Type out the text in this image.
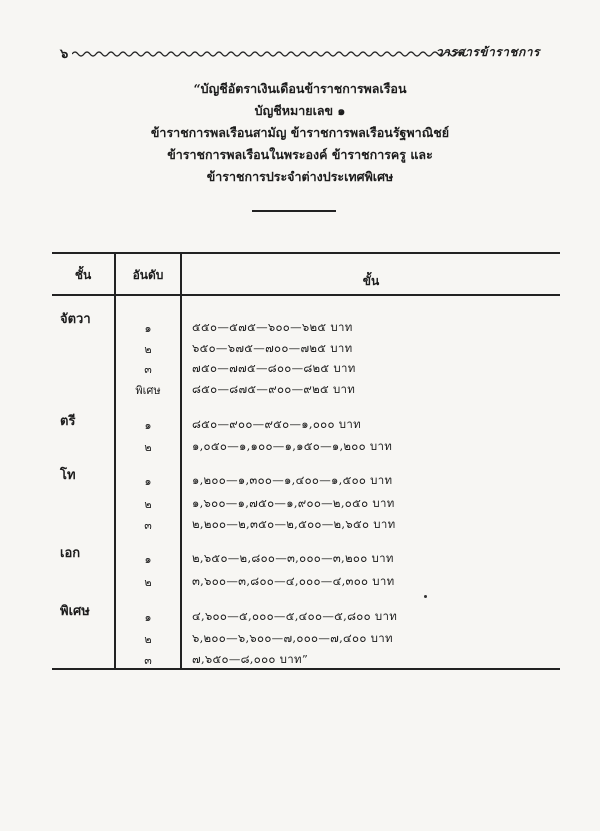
๖	วารสารข้าราชการ
“บัญชีอัตราเงินเดือนข้าราชการพลเรือน
บัญชีหมายเลข ๑
ข้าราชการพลเรือนสามัญ ข้าราชการพลเรือนรัฐพาณิชย์
ข้าราชการพลเรือนในพระองค์ ข้าราชการครู และ
ข้าราชการประจำต่างประเทศพิเศษ
ชั้น	อันดับ	ขั้น
จัตวา
๑	๕๕๐—๕๗๕—๖๐๐—๖๒๕ บาท
๒	๖๕๐—๖๗๕—๗๐๐—๗๒๕ บาท
๓	๗๕๐—๗๗๕—๘๐๐—๘๒๕ บาท
พิเศษ	๘๕๐—๘๗๕—๙๐๐—๙๒๕ บาท
ตรี	๑	๘๕๐—๙๐๐—๙๕๐—๑,๐๐๐ บาท
๒	๑,๐๕๐—๑,๑๐๐—๑,๑๕๐—๑,๒๐๐ บาท
โท	๑	๑,๒๐๐—๑,๓๐๐—๑,๔๐๐—๑,๕๐๐ บาท
๒	๑,๖๐๐—๑,๗๕๐—๑,๙๐๐—๒,๐๕๐ บาท
๓	๒,๒๐๐—๒,๓๕๐—๒,๕๐๐—๒,๖๕๐ บาท
เอก	๑	๒,๖๕๐—๒,๘๐๐—๓,๐๐๐—๓,๒๐๐ บาท
๒	๓,๖๐๐—๓,๘๐๐—๔,๐๐๐—๔,๓๐๐ บาท
พิเศษ	๑	๔,๖๐๐—๕,๐๐๐—๕,๔๐๐—๕,๘๐๐ บาท
๒	๖,๒๐๐—๖,๖๐๐—๗,๐๐๐—๗,๔๐๐ บาท
๓	๗,๖๕๐—๘,๐๐๐ บาท”
